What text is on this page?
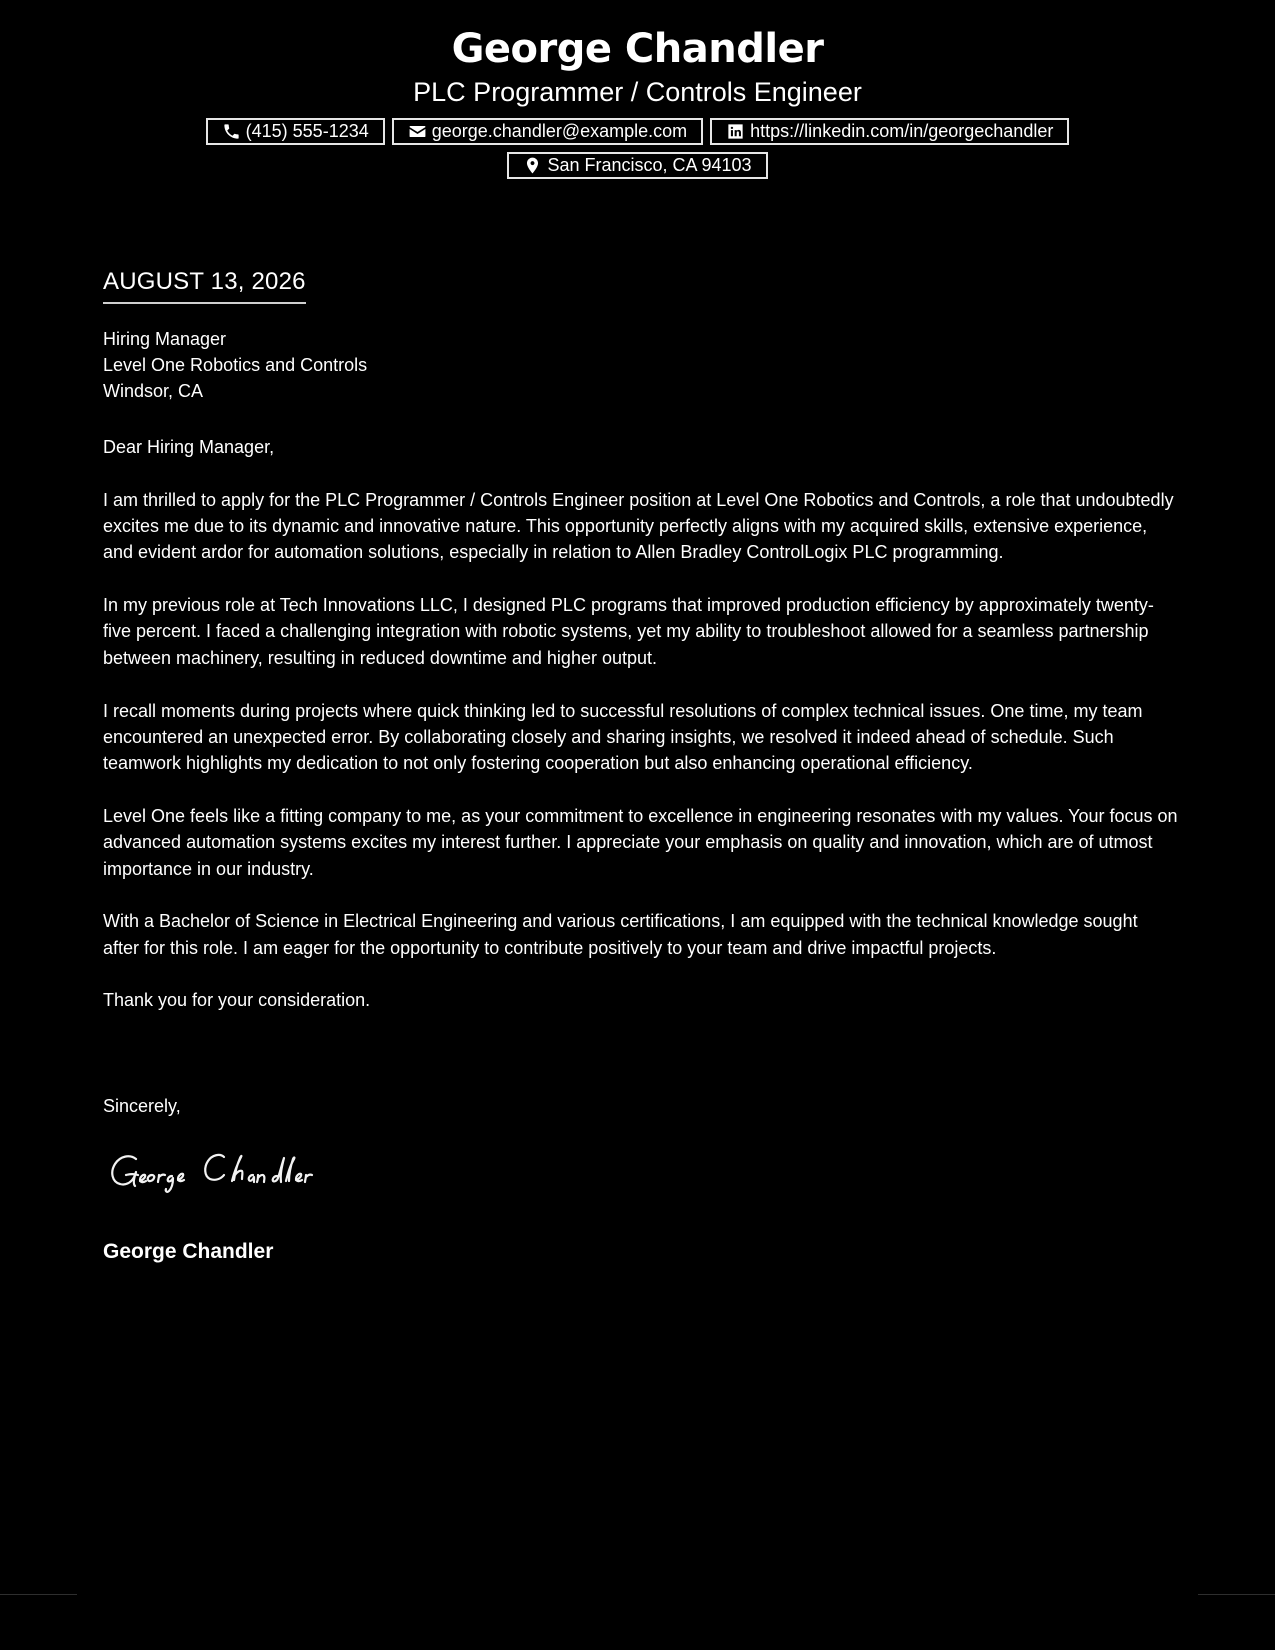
George Chandler
PLC Programmer / Controls Engineer
(415) 555-1234	george.chandler@example.com	https://linkedin.com/in/georgechandler
San Francisco, CA 94103
AUGUST 13, 2026
Hiring Manager
Level One Robotics and Controls
Windsor, CA

Dear Hiring Manager,

I am thrilled to apply for the PLC Programmer / Controls Engineer position at Level One Robotics and Controls, a role that undoubtedly excites me due to its dynamic and innovative nature. This opportunity perfectly aligns with my acquired skills, extensive experience, and evident ardor for automation solutions, especially in relation to Allen Bradley ControlLogix PLC programming.

In my previous role at Tech Innovations LLC, I designed PLC programs that improved production efficiency by approximately twenty-five percent. I faced a challenging integration with robotic systems, yet my ability to troubleshoot allowed for a seamless partnership between machinery, resulting in reduced downtime and higher output.

I recall moments during projects where quick thinking led to successful resolutions of complex technical issues. One time, my team encountered an unexpected error. By collaborating closely and sharing insights, we resolved it indeed ahead of schedule. Such teamwork highlights my dedication to not only fostering cooperation but also enhancing operational efficiency.

Level One feels like a fitting company to me, as your commitment to excellence in engineering resonates with my values. Your focus on advanced automation systems excites my interest further. I appreciate your emphasis on quality and innovation, which are of utmost importance in our industry.

With a Bachelor of Science in Electrical Engineering and various certifications, I am equipped with the technical knowledge sought after for this role. I am eager for the opportunity to contribute positively to your team and drive impactful projects.

Thank you for your consideration.

Sincerely,
George Chandler
